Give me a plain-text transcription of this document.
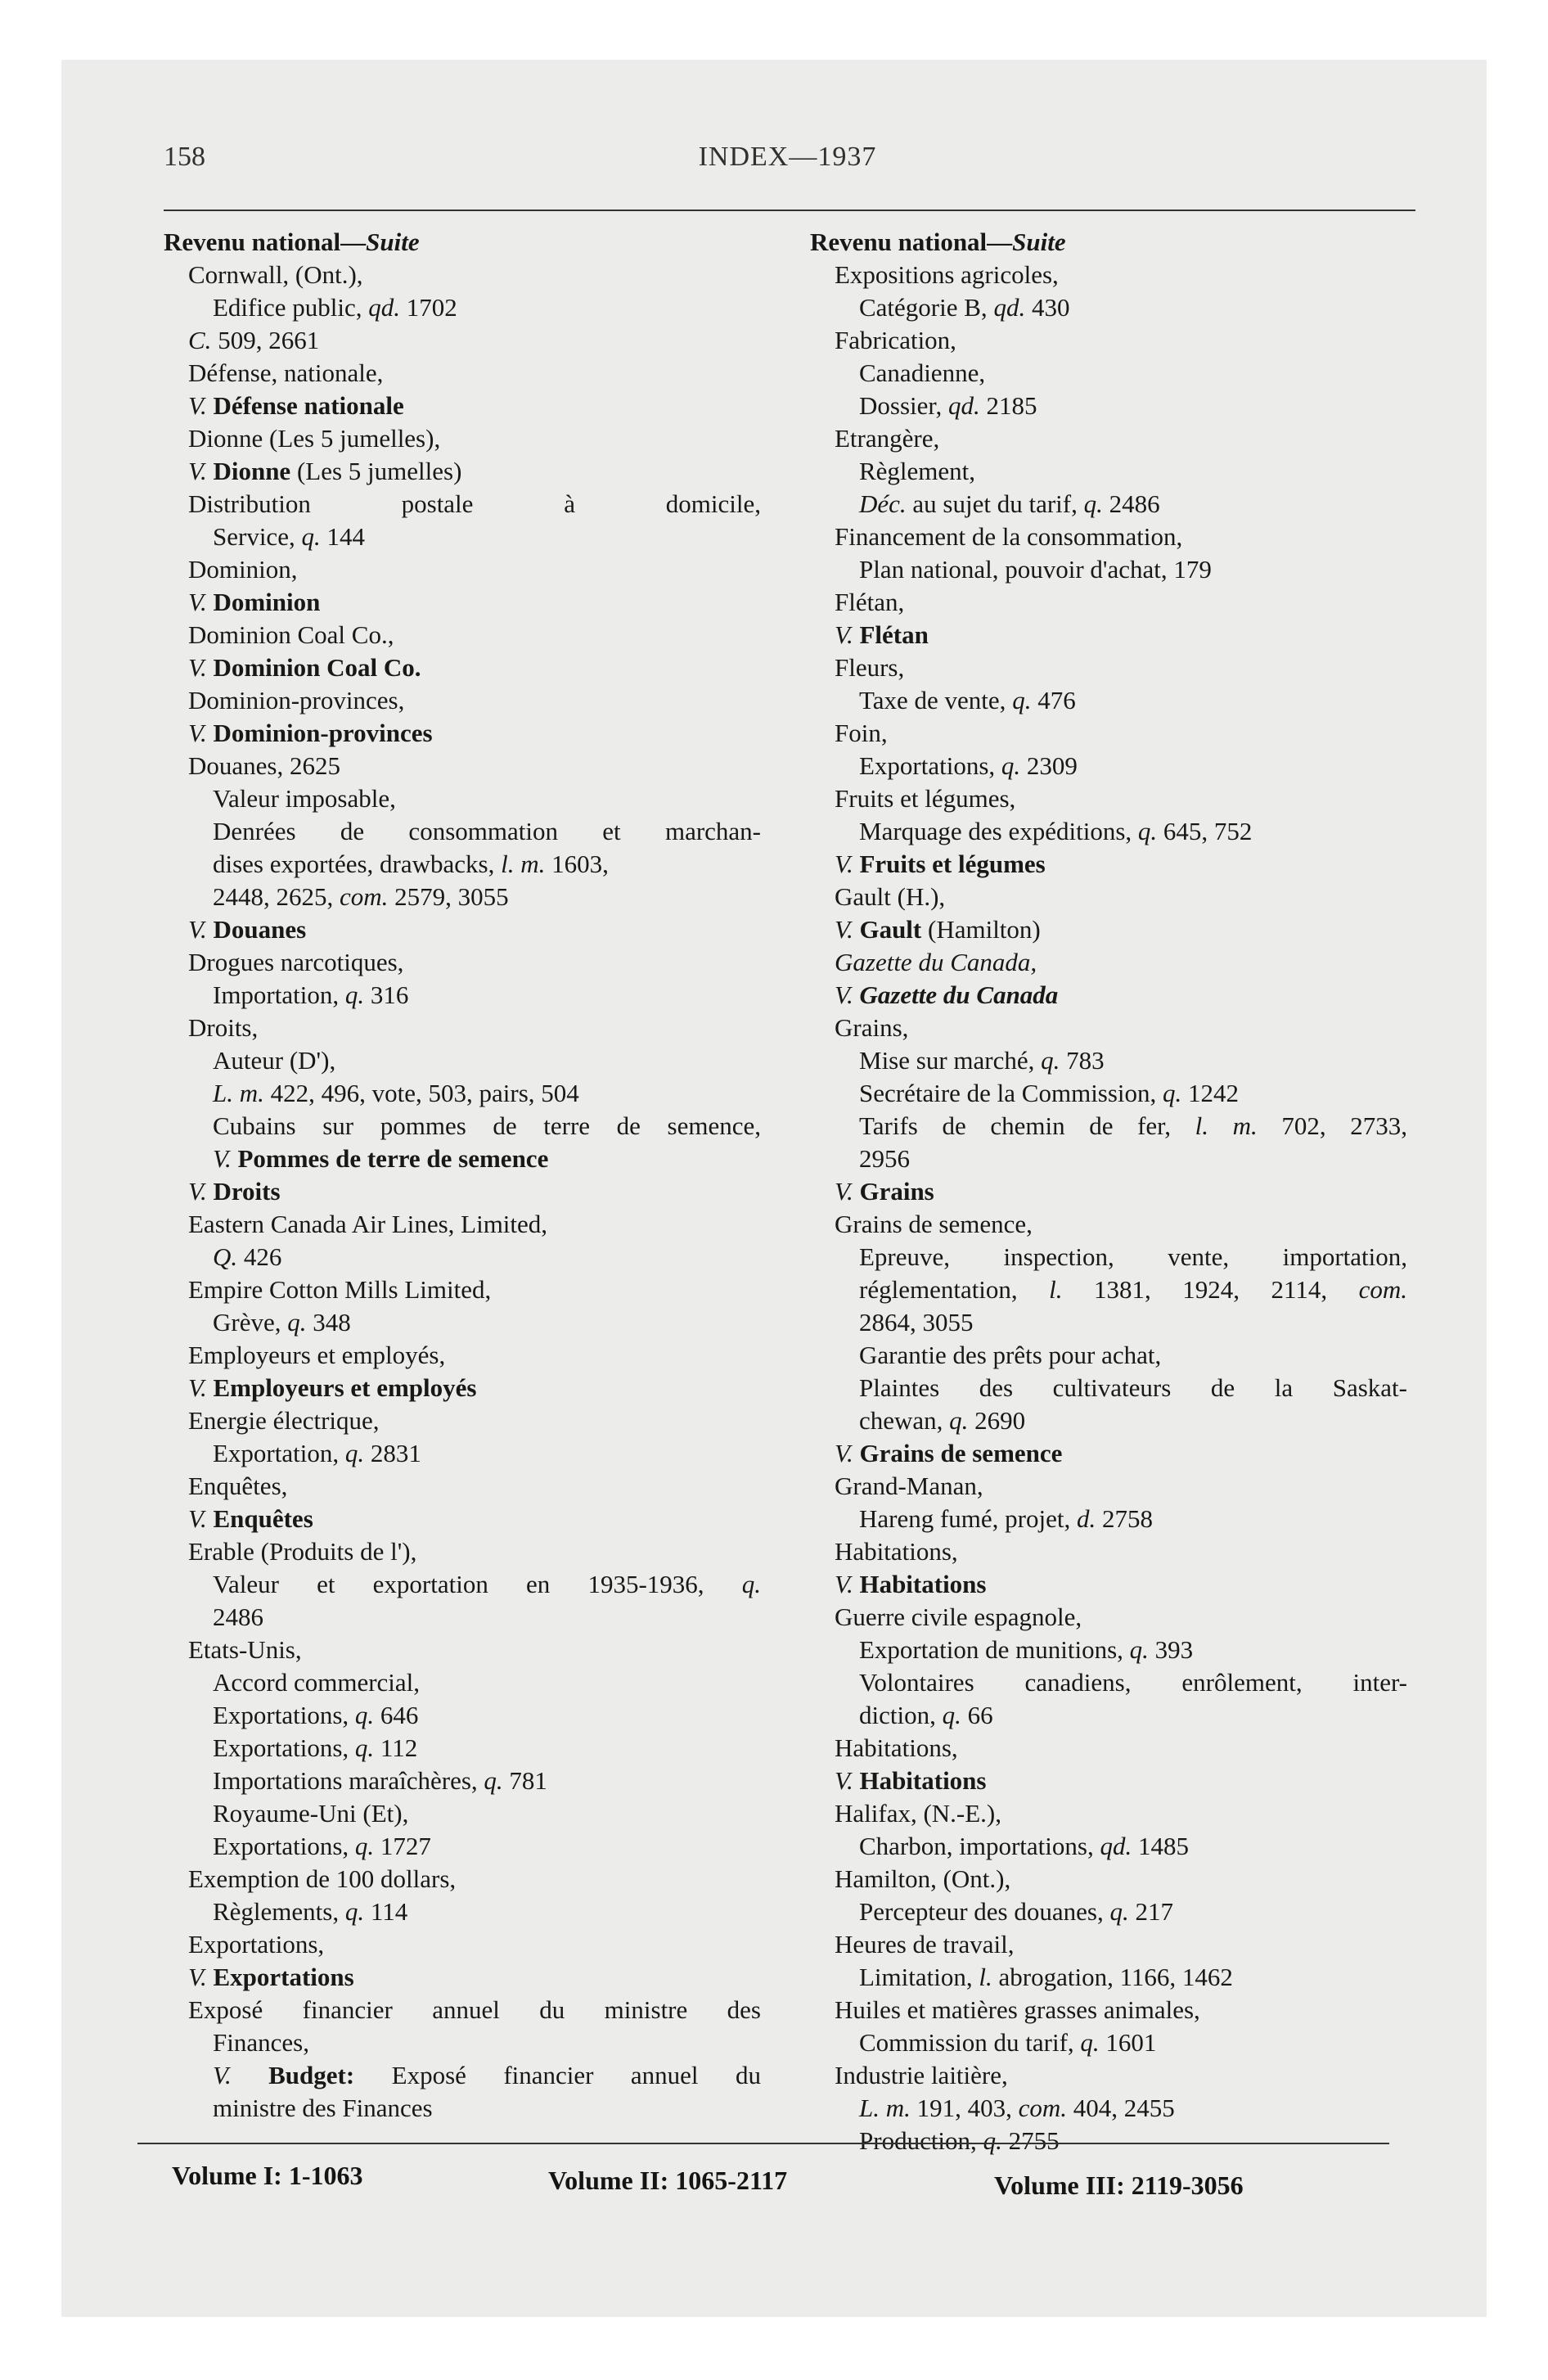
158	INDEX—1937
Revenu national—Suite
Cornwall, (Ont.),
Edifice public, qd. 1702
C. 509, 2661
Défense, nationale,
V. Défense nationale
Dionne (Les 5 jumelles),
V. Dionne (Les 5 jumelles)
Distribution postale à domicile,
Service, q. 144
Dominion,
V. Dominion
Dominion Coal Co.,
V. Dominion Coal Co.
Dominion-provinces,
V. Dominion-provinces
Douanes, 2625
Valeur imposable,
Denrées de consommation et marchan-
dises exportées, drawbacks, l. m. 1603,
2448, 2625, com. 2579, 3055
V. Douanes
Drogues narcotiques,
Importation, q. 316
Droits,
Auteur (D'),
L. m. 422, 496, vote, 503, pairs, 504
Cubains sur pommes de terre de semence,
V. Pommes de terre de semence
V. Droits
Eastern Canada Air Lines, Limited,
Q. 426
Empire Cotton Mills Limited,
Grève, q. 348
Employeurs et employés,
V. Employeurs et employés
Energie électrique,
Exportation, q. 2831
Enquêtes,
V. Enquêtes
Erable (Produits de l'),
Valeur et exportation en 1935-1936, q.
2486
Etats-Unis,
Accord commercial,
Exportations, q. 646
Exportations, q. 112
Importations maraîchères, q. 781
Royaume-Uni (Et),
Exportations, q. 1727
Exemption de 100 dollars,
Règlements, q. 114
Exportations,
V. Exportations
Exposé financier annuel du ministre des
Finances,
V. Budget: Exposé financier annuel du
ministre des Finances
Revenu national—Suite
Expositions agricoles,
Catégorie B, qd. 430
Fabrication,
Canadienne,
Dossier, qd. 2185
Etrangère,
Règlement,
Déc. au sujet du tarif, q. 2486
Financement de la consommation,
Plan national, pouvoir d'achat, 179
Flétan,
V. Flétan
Fleurs,
Taxe de vente, q. 476
Foin,
Exportations, q. 2309
Fruits et légumes,
Marquage des expéditions, q. 645, 752
V. Fruits et légumes
Gault (H.),
V. Gault (Hamilton)
Gazette du Canada,
V. Gazette du Canada
Grains,
Mise sur marché, q. 783
Secrétaire de la Commission, q. 1242
Tarifs de chemin de fer, l. m. 702, 2733,
2956
V. Grains
Grains de semence,
Epreuve, inspection, vente, importation,
réglementation, l. 1381, 1924, 2114, com.
2864, 3055
Garantie des prêts pour achat,
Plaintes des cultivateurs de la Saskat-
chewan, q. 2690
V. Grains de semence
Grand-Manan,
Hareng fumé, projet, d. 2758
Habitations,
V. Habitations
Guerre civile espagnole,
Exportation de munitions, q. 393
Volontaires canadiens, enrôlement, inter-
diction, q. 66
Habitations,
V. Habitations
Halifax, (N.-E.),
Charbon, importations, qd. 1485
Hamilton, (Ont.),
Percepteur des douanes, q. 217
Heures de travail,
Limitation, l. abrogation, 1166, 1462
Huiles et matières grasses animales,
Commission du tarif, q. 1601
Industrie laitière,
L. m. 191, 403, com. 404, 2455
Production, q. 2755
Volume I: 1-1063	Volume II: 1065-2117	Volume III: 2119-3056
